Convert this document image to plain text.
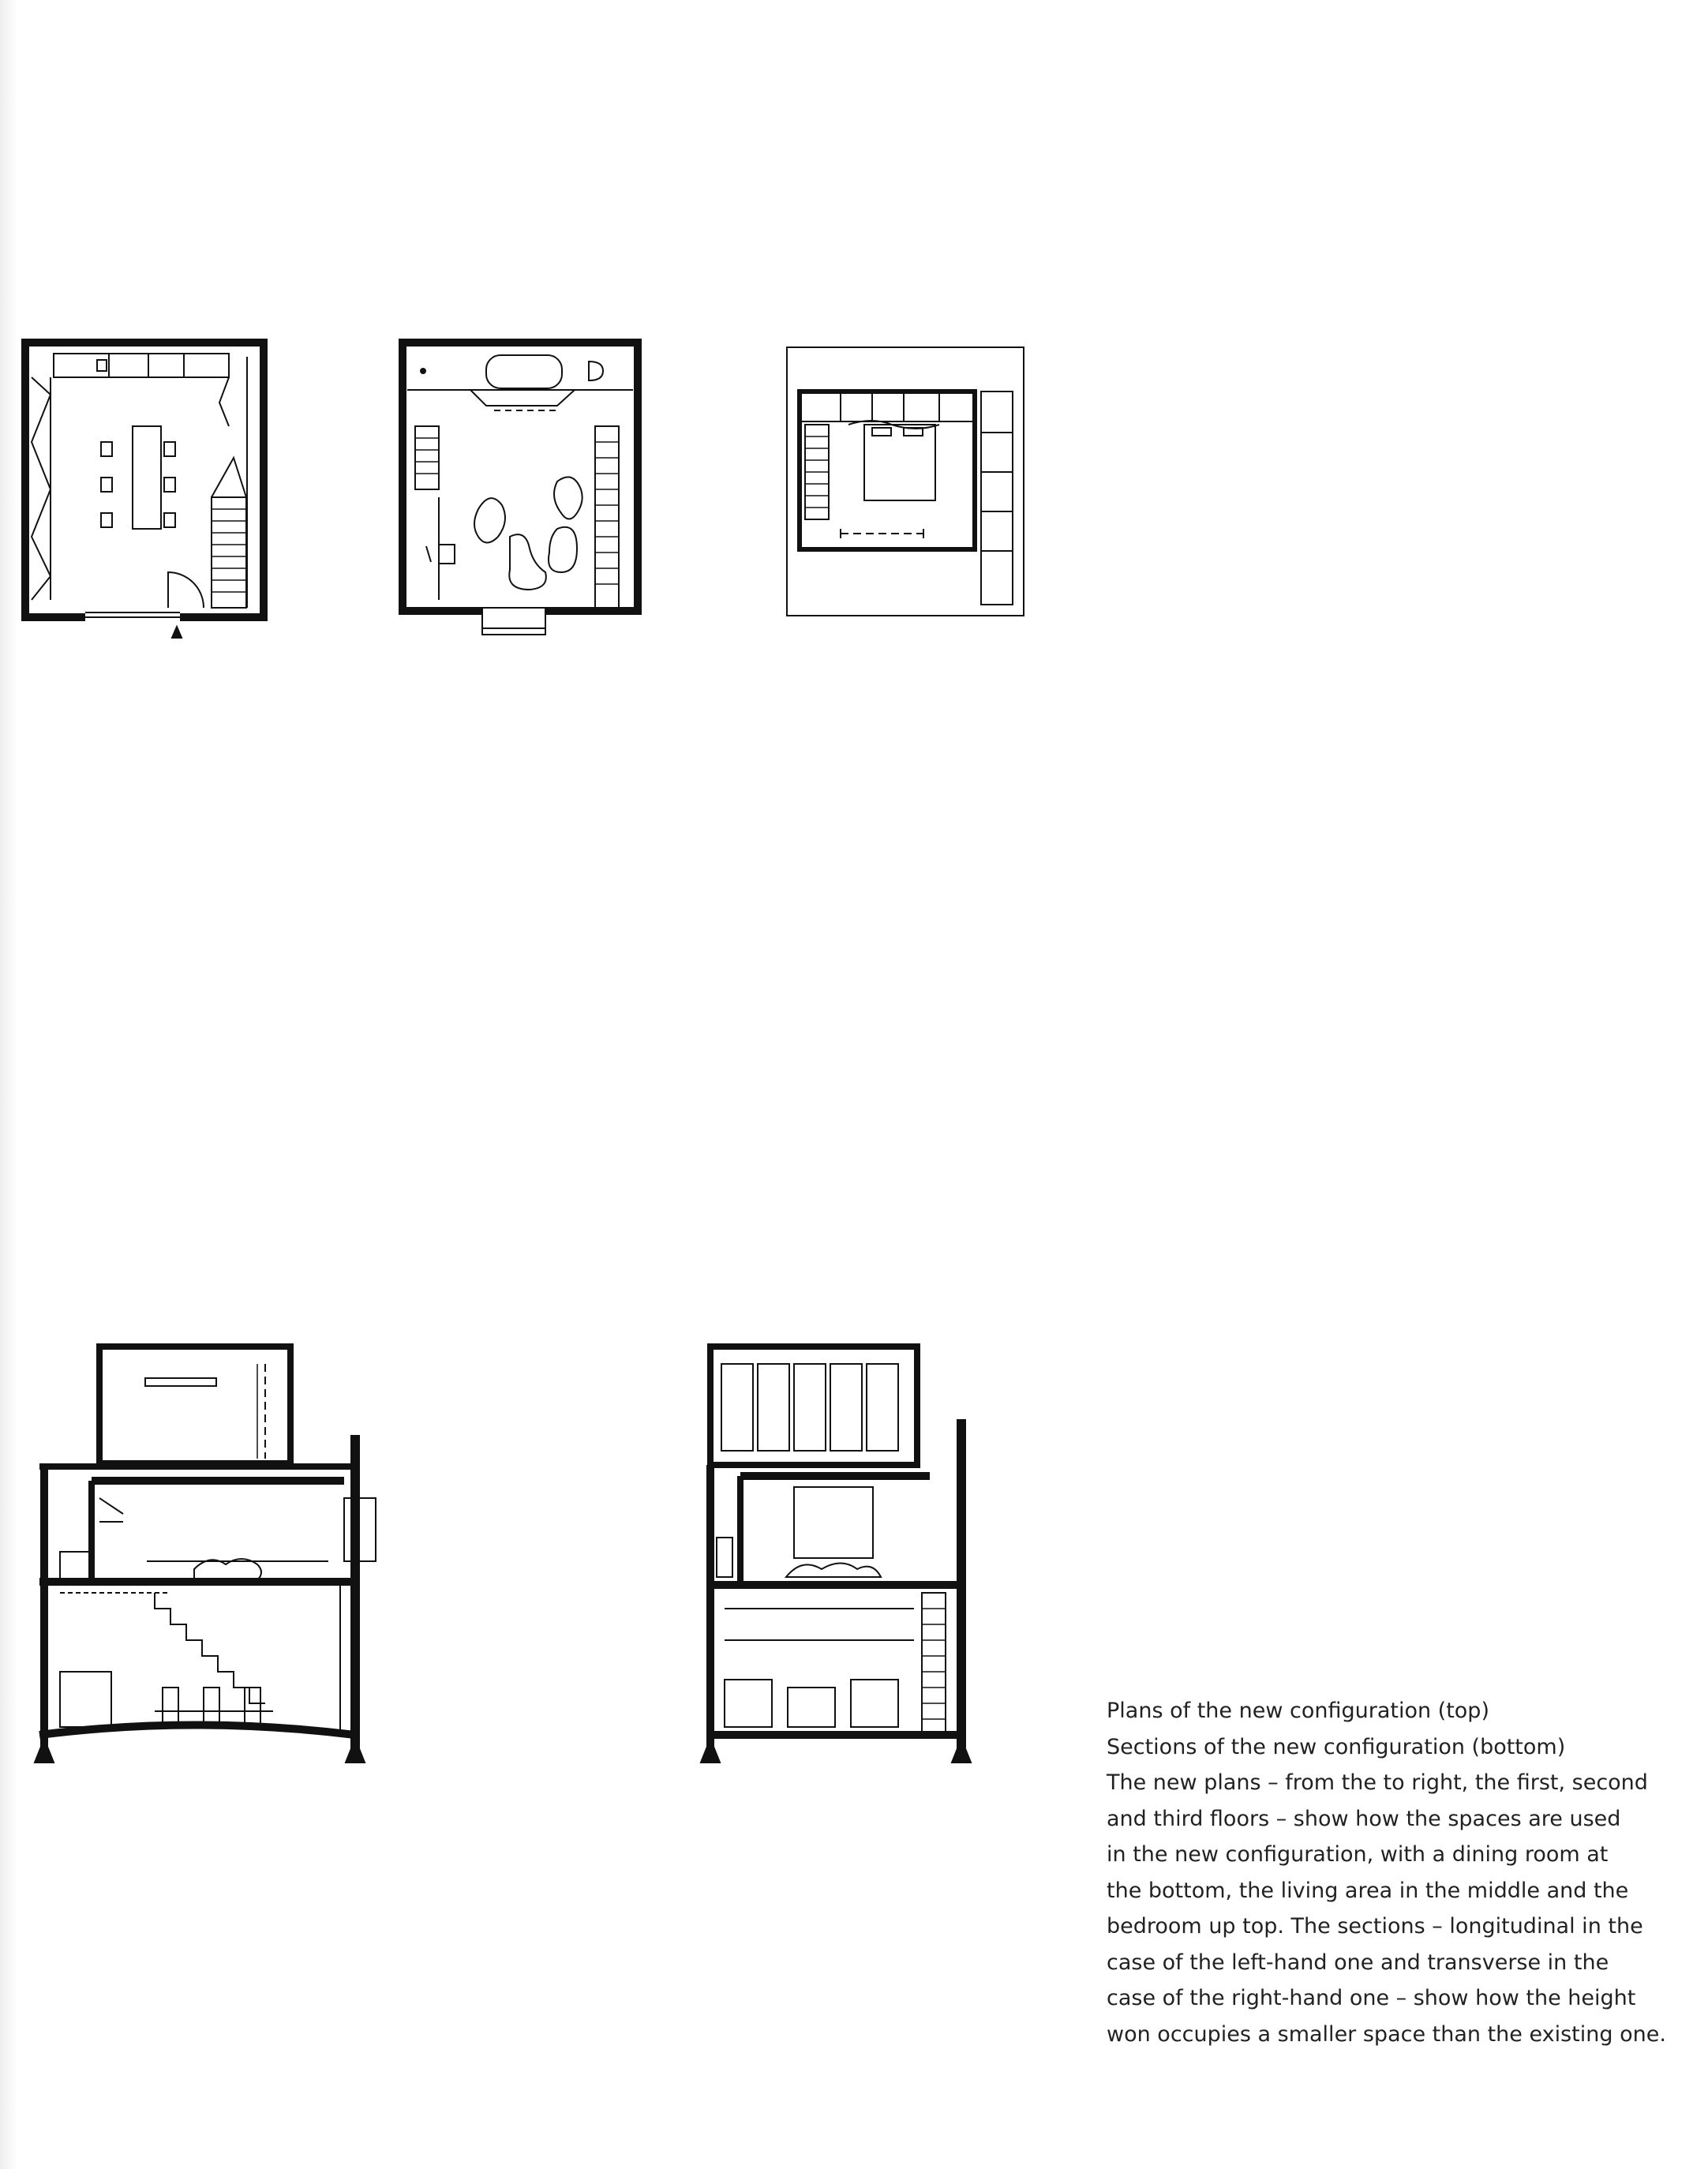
Plans of the new configuration (top)

Sections of the new configuration (bottom)

The new plans – from the to right, the first, second

and third floors – show how the spaces are used

in the new configuration, with a dining room at

the bottom, the living area in the middle and the

bedroom up top. The sections – longitudinal in the

case of the left-hand one and transverse in the

case of the right-hand one – show how the height

won occupies a smaller space than the existing one.
